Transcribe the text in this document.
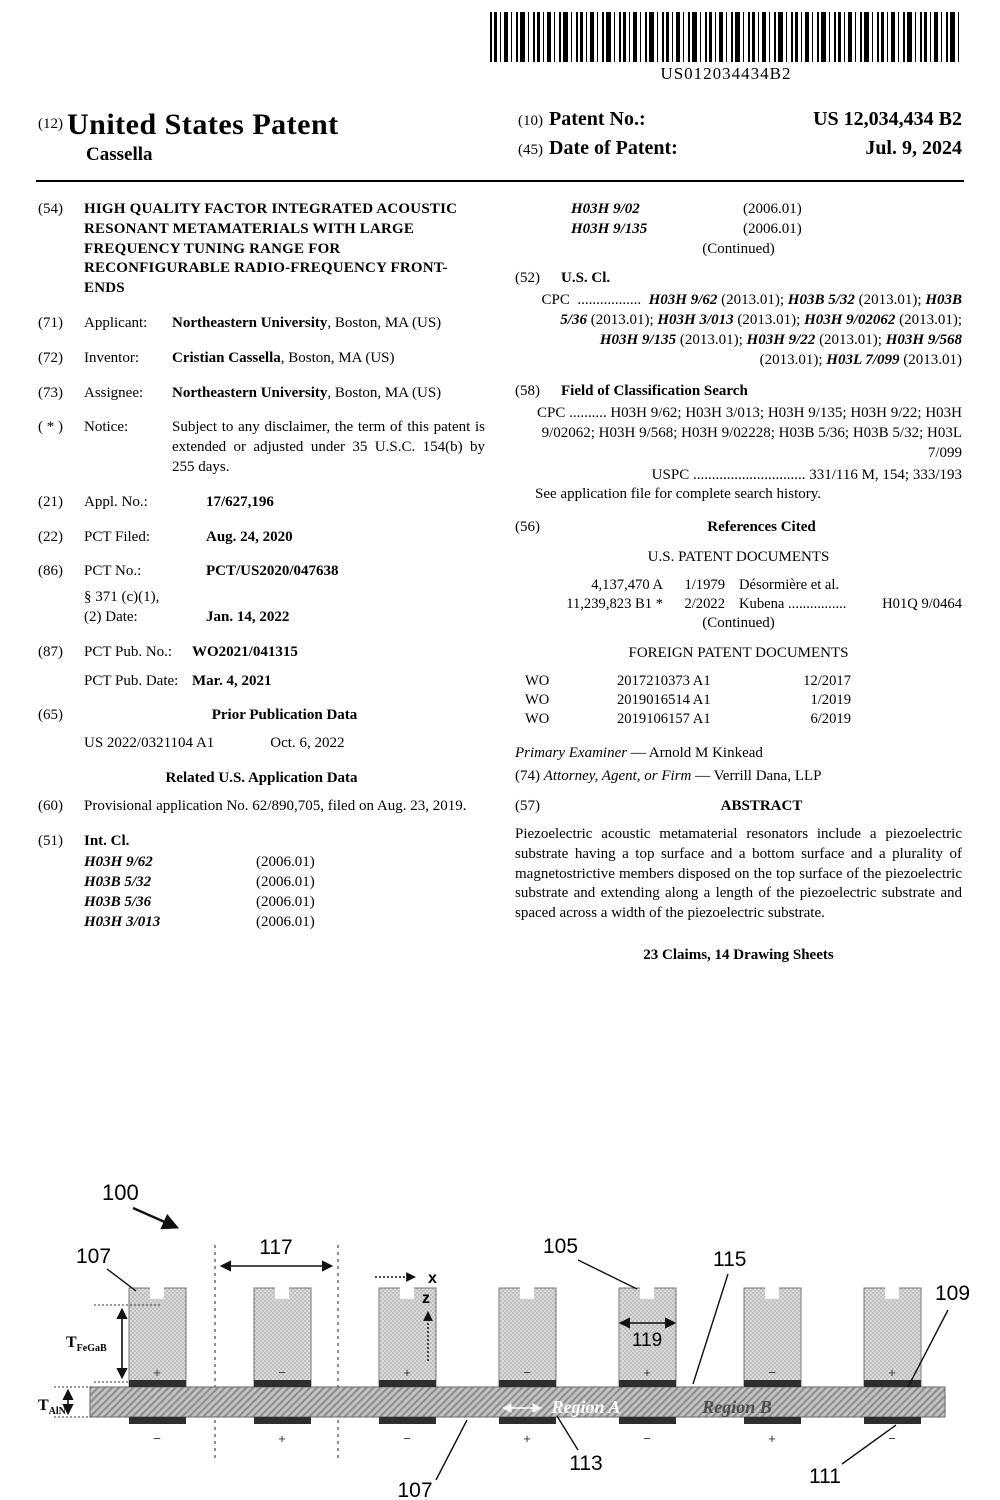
US012034434B2
(12) United States Patent
Cassella
(10) Patent No.:	US 12,034,434 B2
(45) Date of Patent:	Jul. 9, 2024
(54)	HIGH QUALITY FACTOR INTEGRATED ACOUSTIC RESONANT METAMATERIALS WITH LARGE FREQUENCY TUNING RANGE FOR RECONFIGURABLE RADIO-FREQUENCY FRONT-ENDS
(71)	Applicant:	Northeastern University, Boston, MA (US)
(72)	Inventor:	Cristian Cassella, Boston, MA (US)
(73)	Assignee:	Northeastern University, Boston, MA (US)
( * )	Notice:	Subject to any disclaimer, the term of this patent is extended or adjusted under 35 U.S.C. 154(b) by 255 days.
(21)	Appl. No.:	17/627,196
(22)	PCT Filed:	Aug. 24, 2020
(86)	PCT No.:	PCT/US2020/047638
§ 371 (c)(1),
(2) Date:	Jan. 14, 2022
(87)	PCT Pub. No.:	WO2021/041315
PCT Pub. Date: Mar. 4, 2021
(65)	Prior Publication Data
US 2022/0321104 A1	Oct. 6, 2022
Related U.S. Application Data
(60)	Provisional application No. 62/890,705, filed on Aug. 23, 2019.
(51)	Int. Cl.
H03H 9/62	(2006.01)
H03B 5/32	(2006.01)
H03B 5/36	(2006.01)
H03H 3/013	(2006.01)
H03H 9/02	(2006.01)
H03H 9/135	(2006.01)
(Continued)
(52)	U.S. Cl.
CPC ................. H03H 9/62 (2013.01); H03B 5/32 (2013.01); H03B 5/36 (2013.01); H03H 3/013 (2013.01); H03H 9/02062 (2013.01); H03H 9/135 (2013.01); H03H 9/22 (2013.01); H03H 9/568 (2013.01); H03L 7/099 (2013.01)
(58)	Field of Classification Search
CPC .......... H03H 9/62; H03H 3/013; H03H 9/135; H03H 9/22; H03H 9/02062; H03H 9/568; H03H 9/02228; H03B 5/36; H03B 5/32; H03L 7/099
USPC .............................. 331/116 M, 154; 333/193
See application file for complete search history.
(56)	References Cited
U.S. PATENT DOCUMENTS
4,137,470 A	1/1979 Désormière et al.
11,239,823 B1 *	2/2022 Kubena ................	H01Q 9/0464
(Continued)
FOREIGN PATENT DOCUMENTS
WO	2017210373 A1	12/2017
WO	2019016514 A1	1/2019
WO	2019106157 A1	6/2019
Primary Examiner — Arnold M Kinkead
(74) Attorney, Agent, or Firm — Verrill Dana, LLP
(57)	ABSTRACT
Piezoelectric acoustic metamaterial resonators include a piezoelectric substrate having a top surface and a bottom surface and a plurality of magnetostrictive members disposed on the top surface of the piezoelectric substrate and extending along a length of the piezoelectric substrate and spaced across a width of the piezoelectric substrate.
23 Claims, 14 Drawing Sheets
+
−
−
+
+
−
−
+
+
−
−
+
+
−
Region A	Region B
100
107	117
x
z
105
119
115
109
113
111
107
$T_{FeGaB}$
$T_{AlN}$
